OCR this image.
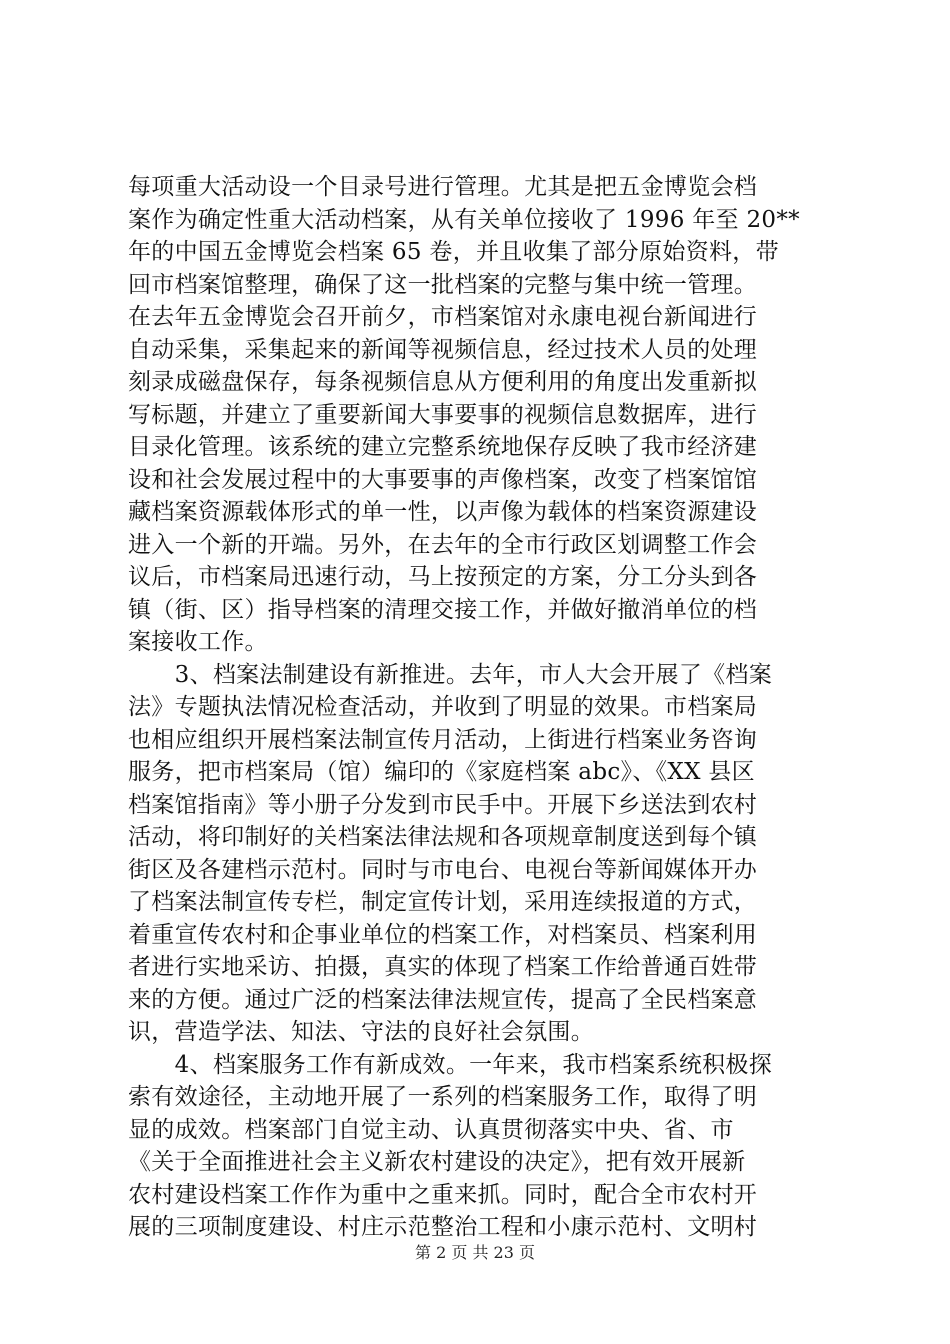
每项重大活动设一个目录号进行管理。尤其是把五金博览会档
案作为确定性重大活动档案，从有关单位接收了 1996 年至 20**
年的中国五金博览会档案 65 卷，并且收集了部分原始资料，带
回市档案馆整理，确保了这一批档案的完整与集中统一管理。
在去年五金博览会召开前夕，市档案馆对永康电视台新闻进行
自动采集，采集起来的新闻等视频信息，经过技术人员的处理
刻录成磁盘保存，每条视频信息从方便利用的角度出发重新拟
写标题，并建立了重要新闻大事要事的视频信息数据库，进行
目录化管理。该系统的建立完整系统地保存反映了我市经济建
设和社会发展过程中的大事要事的声像档案，改变了档案馆馆
藏档案资源载体形式的单一性，以声像为载体的档案资源建设
进入一个新的开端。另外，在去年的全市行政区划调整工作会
议后，市档案局迅速行动，马上按预定的方案，分工分头到各
镇（街、区）指导档案的清理交接工作，并做好撤消单位的档
案接收工作。
　　3、档案法制建设有新推进。去年，市人大会开展了《档案
法》专题执法情况检查活动，并收到了明显的效果。市档案局
也相应组织开展档案法制宣传月活动，上街进行档案业务咨询
服务，把市档案局（馆）编印的《家庭档案 abc》、《XX 县区
档案馆指南》等小册子分发到市民手中。开展下乡送法到农村
活动，将印制好的关档案法律法规和各项规章制度送到每个镇
街区及各建档示范村。同时与市电台、电视台等新闻媒体开办
了档案法制宣传专栏，制定宣传计划，采用连续报道的方式，
着重宣传农村和企事业单位的档案工作，对档案员、档案利用
者进行实地采访、拍摄，真实的体现了档案工作给普通百姓带
来的方便。通过广泛的档案法律法规宣传，提高了全民档案意
识，营造学法、知法、守法的良好社会氛围。
　　4、档案服务工作有新成效。一年来，我市档案系统积极探
索有效途径，主动地开展了一系列的档案服务工作，取得了明
显的成效。档案部门自觉主动、认真贯彻落实中央、省、市
《关于全面推进社会主义新农村建设的决定》，把有效开展新
农村建设档案工作作为重中之重来抓。同时，配合全市农村开
展的三项制度建设、村庄示范整治工程和小康示范村、文明村
第 2 页 共 23 页
